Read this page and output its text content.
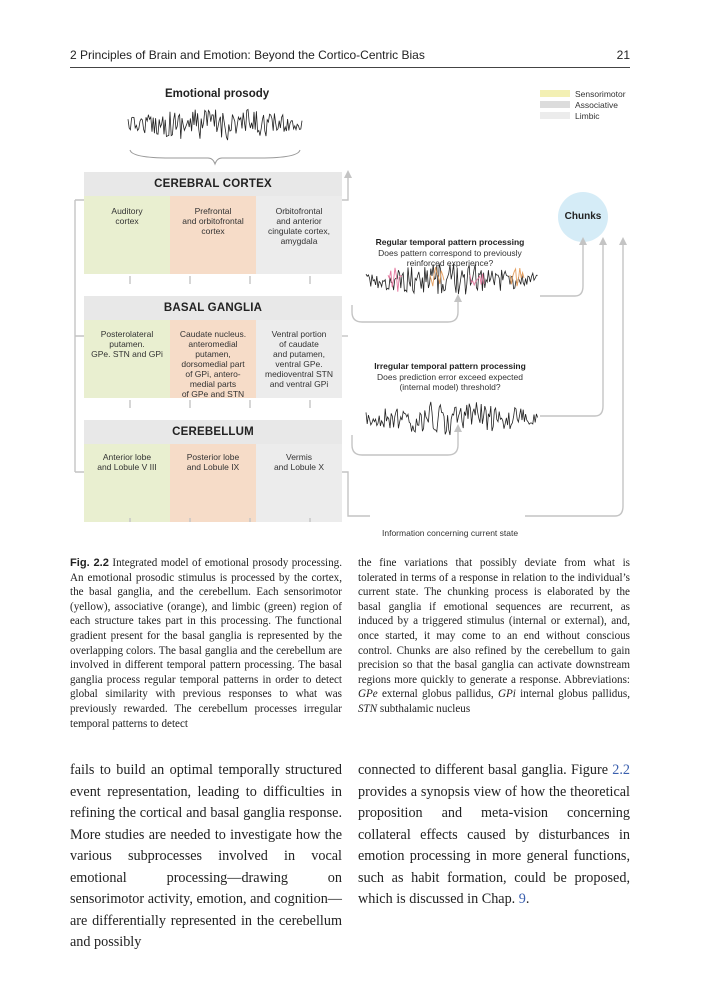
2 Principles of Brain and Emotion: Beyond the Cortico-Centric Bias	21
Emotional prosody	Sensorimotor
Associative
Limbic
CEREBRAL CORTEX
Auditory
cortex
Prefrontal
and orbitofrontal
cortex
Orbitofrontal
and anterior
cingulate cortex,
amygdala
BASAL GANGLIA
Posterolateral
putamen.
GPe. STN and GPi
Caudate nucleus.
anteromedial
putamen,
dorsomedial part
of GPi, antero-
medial parts
of GPe and STN
Ventral portion
of caudate
and putamen,
ventral GPe.
medioventral STN
and ventral GPi
CEREBELLUM
Anterior lobe
and Lobule V III
Posterior lobe
and Lobule IX
Vermis
and Lobule X
Regular temporal pattern processing
Does pattern correspond to previously
reinforced experience?
Irregular temporal pattern processing
Does prediction error exceed expected
(internal model) threshold?
Chunks
Information concerning current state
Fig. 2.2 Integrated model of emotional prosody processing. An emotional prosodic stimulus is processed by the cortex, the basal ganglia, and the cerebellum. Each sensorimotor (yellow), associative (orange), and limbic (green) region of each structure takes part in this processing. The functional gradient present for the basal ganglia is represented by the overlapping colors. The basal ganglia and the cerebellum are involved in different temporal pattern processing. The basal ganglia process regular temporal patterns in order to detect global similarity with previous responses to what was previously rewarded. The cerebellum processes irregular temporal patterns to detect
the fine variations that possibly deviate from what is tolerated in terms of a response in relation to the individual’s current state. The chunking process is elaborated by the basal ganglia if emotional sequences are recurrent, as induced by a triggered stimulus (internal or external), and, once started, it may come to an end without conscious control. Chunks are also refined by the cerebellum to gain precision so that the basal ganglia can activate downstream regions more quickly to generate a response. Abbreviations: GPe external globus pallidus, GPi internal globus pallidus, STN subthalamic nucleus
fails to build an optimal temporally structured event representation, leading to difficulties in refining the cortical and basal ganglia response. More studies are needed to investigate how the various subprocesses involved in vocal emotional processing—drawing on sensorimotor activity, emotion, and cognition—are differentially represented in the cerebellum and possibly
connected to different basal ganglia. Figure 2.2 provides a synopsis view of how the theoretical proposition and meta-vision concerning collateral effects caused by disturbances in emotion processing in more general functions, such as habit formation, could be proposed, which is discussed in Chap. 9.
